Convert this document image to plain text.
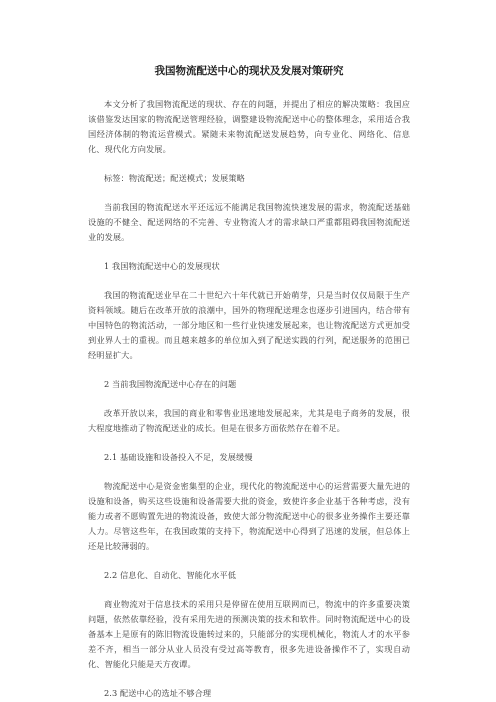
我国物流配送中心的现状及发展对策研究

本文分析了我国物流配送的现状、存在的问题，并提出了相应的解决策略：我国应该借鉴发达国家的物流配送管理经验，调整建设物流配送中心的整体理念，采用适合我国经济体制的物流运营模式。紧随未来物流配送发展趋势，向专业化、网络化、信息化、现代化方向发展。

标签：物流配送；配送模式；发展策略

当前我国的物流配送水平还远远不能满足我国物流快速发展的需求，物流配送基础设施的不健全、配送网络的不完善、专业物流人才的需求缺口严重都阻碍我国物流配送业的发展。

1 我国物流配送中心的发展现状

我国的物流配送业早在二十世纪六十年代就已开始萌芽，只是当时仅仅局限于生产资料领域。随后在改革开放的浪潮中，国外的物理配送理念也逐步引进国内，结合带有中国特色的物流活动，一部分地区和一些行业快速发展起来，也让物流配送方式更加受到业界人士的重视。而且越来越多的单位加入到了配送实践的行列，配送服务的范围已经明显扩大。

2 当前我国物流配送中心存在的问题

改革开放以来，我国的商业和零售业迅速地发展起来，尤其是电子商务的发展，很大程度地推动了物流配送业的成长。但是在很多方面依然存在着不足。

2.1 基础设施和设备投入不足，发展缓慢

物流配送中心是资金密集型的企业，现代化的物流配送中心的运营需要大量先进的设施和设备，购买这些设施和设备需要大批的资金，致使许多企业基于各种考虑，没有能力或者不愿购置先进的物流设备，致使大部分物流配送中心的很多业务操作主要还靠人力。尽管这些年，在我国政策的支持下，物流配送中心得到了迅速的发展，但总体上还是比较薄弱的。

2.2 信息化、自动化、智能化水平低

商业物流对于信息技术的采用只是停留在使用互联网而已，物流中的许多重要决策问题，依然依靠经验，没有采用先进的预测决策的技术和软件。同时物流配送中心的设备基本上是原有的陈旧物流设施转过来的，只能部分的实现机械化，物流人才的水平参差不齐，相当一部分从业人员没有受过高等教育，很多先进设备操作不了，实现自动化、智能化只能是天方夜谭。

2.3 配送中心的选址不够合理
